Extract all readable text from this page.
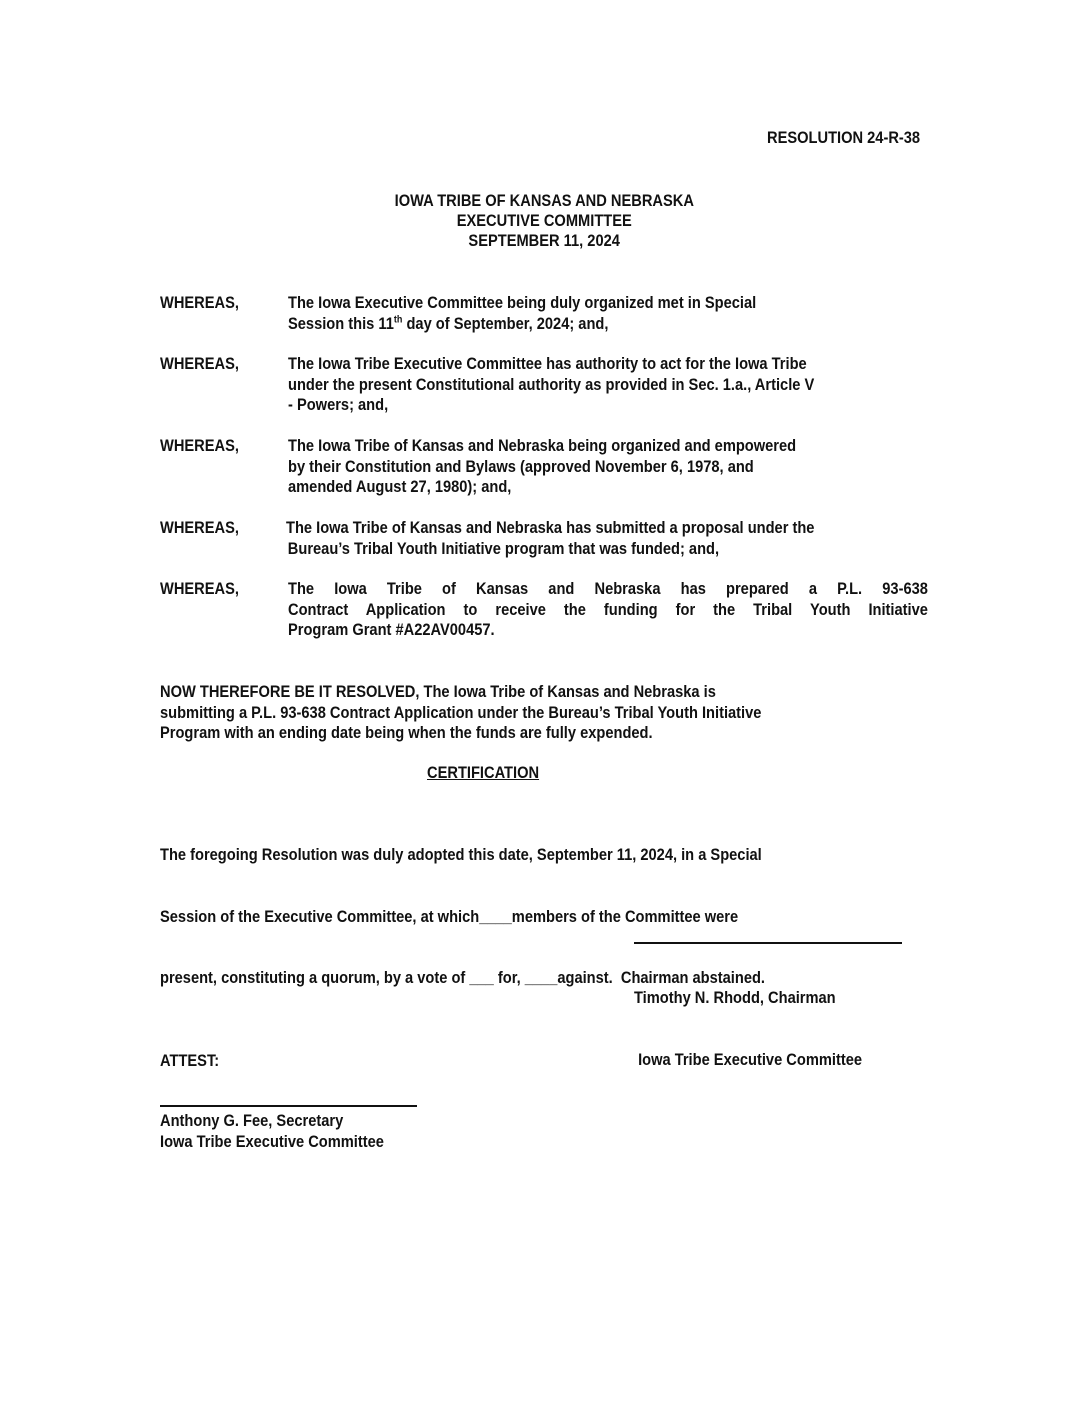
RESOLUTION 24-R-38
IOWA TRIBE OF KANSAS AND NEBRASKA
EXECUTIVE COMMITTEE
SEPTEMBER 11, 2024
WHEREAS,	The Iowa Executive Committee being duly organized met in Special
Session this 11th day of September, 2024; and,
WHEREAS,	The Iowa Tribe Executive Committee has authority to act for the Iowa Tribe
under the present Constitutional authority as provided in Sec. 1.a., Article V
- Powers; and,
WHEREAS,	The Iowa Tribe of Kansas and Nebraska being organized and empowered
by their Constitution and Bylaws (approved November 6, 1978, and
amended August 27, 1980); and,
WHEREAS,	The Iowa Tribe of Kansas and Nebraska has submitted a proposal under the
Bureau’s Tribal Youth Initiative program that was funded; and,
WHEREAS,	The Iowa Tribe of Kansas and Nebraska has prepared a P.L. 93-638
Contract Application to receive the funding for the Tribal Youth Initiative
Program Grant #A22AV00457.
NOW THEREFORE BE IT RESOLVED, The Iowa Tribe of Kansas and Nebraska is
submitting a P.L. 93-638 Contract Application under the Bureau’s Tribal Youth Initiative
Program with an ending date being when the funds are fully expended.
CERTIFICATION

The foregoing Resolution was duly adopted this date, September 11, 2024, in a Special

Session of the Executive Committee, at which____members of the Committee were

present, constituting a quorum, by a vote of ___ for, ____against.  Chairman abstained.

Timothy N. Rhodd, Chairman

Iowa Tribe Executive Committee

ATTEST:
Anthony G. Fee, Secretary
Iowa Tribe Executive Committee
